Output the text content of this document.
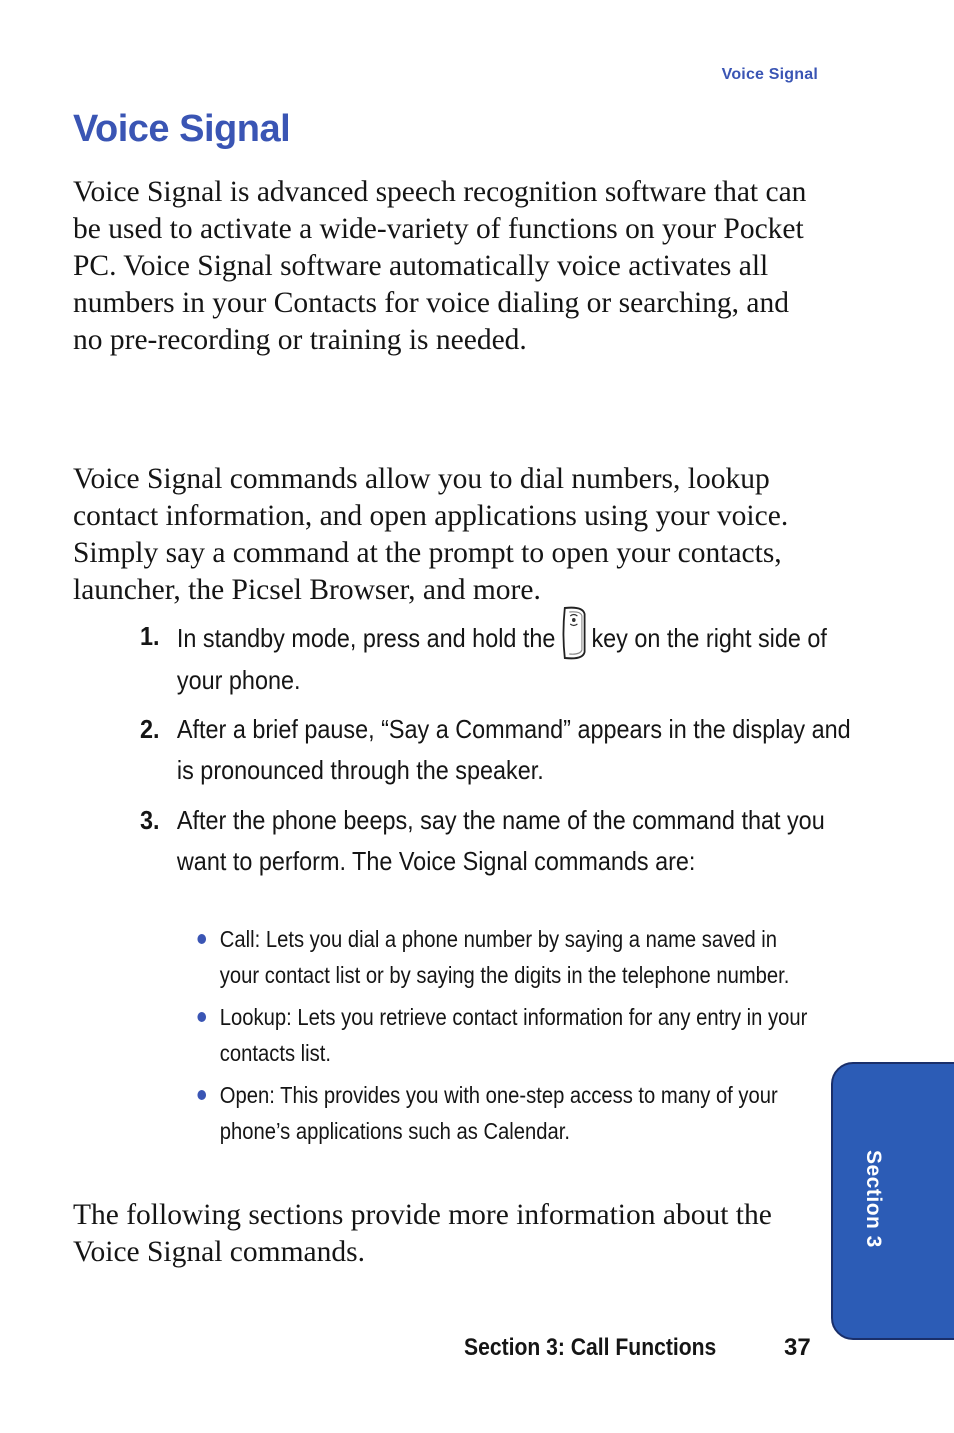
Voice Signal
Voice Signal

Voice Signal is advanced speech recognition software that can be used to activate a wide-variety of functions on your Pocket PC. Voice Signal software automatically voice activates all numbers in your Contacts for voice dialing or searching, and no pre-recording or training is needed.

Voice Signal commands allow you to dial numbers, lookup contact information, and open applications using your voice. Simply say a command at the prompt to open your contacts, launcher, the Picsel Browser, and more.

1. In standby mode, press and hold the key on the right side of your phone.
2. After a brief pause, “Say a Command” appears in the display and is pronounced through the speaker.
3. After the phone beeps, say the name of the command that you want to perform. The Voice Signal commands are:
Call: Lets you dial a phone number by saying a name saved in your contact list or by saying the digits in the telephone number.
Lookup: Lets you retrieve contact information for any entry in your contacts list.
Open: This provides you with one-step access to many of your phone’s applications such as Calendar.

The following sections provide more information about the Voice Signal commands.

Section 3
Section 3: Call Functions	37
